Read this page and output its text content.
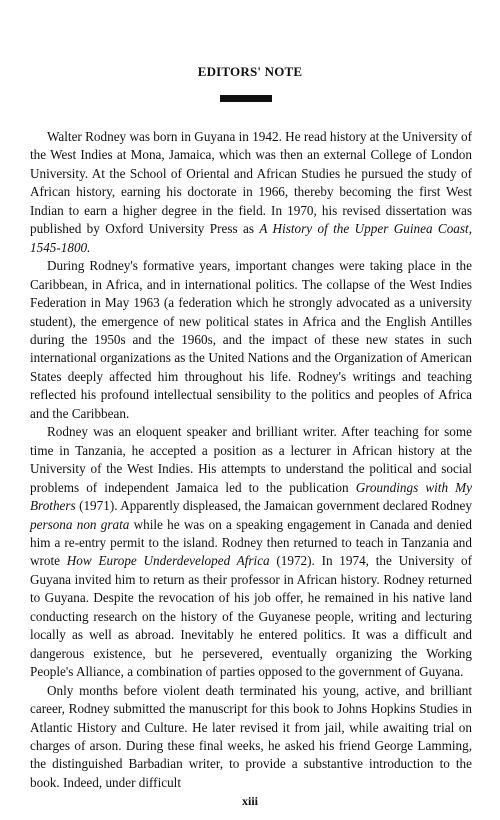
EDITORS' NOTE

Walter Rodney was born in Guyana in 1942. He read history at the University of the West Indies at Mona, Jamaica, which was then an external College of London University. At the School of Oriental and African Studies he pursued the study of African history, earning his doctorate in 1966, thereby becoming the first West Indian to earn a higher degree in the field. In 1970, his revised dissertation was published by Oxford University Press as A History of the Upper Guinea Coast, 1545-1800.

During Rodney's formative years, important changes were taking place in the Caribbean, in Africa, and in international politics. The collapse of the West Indies Federation in May 1963 (a federation which he strongly advocated as a university student), the emergence of new political states in Africa and the English Antilles during the 1950s and the 1960s, and the impact of these new states in such international organizations as the United Nations and the Organization of American States deeply affected him throughout his life. Rodney's writings and teaching reflected his profound intellectual sensibility to the politics and peoples of Africa and the Caribbean.

Rodney was an eloquent speaker and brilliant writer. After teaching for some time in Tanzania, he accepted a position as a lecturer in African history at the University of the West Indies. His attempts to understand the political and social problems of independent Jamaica led to the publication Groundings with My Brothers (1971). Apparently displeased, the Jamaican government declared Rodney persona non grata while he was on a speaking engagement in Canada and denied him a re-entry permit to the island. Rodney then returned to teach in Tanzania and wrote How Europe Underdeveloped Africa (1972). In 1974, the University of Guyana invited him to return as their professor in African history. Rodney returned to Guyana. Despite the revocation of his job offer, he remained in his native land conducting research on the history of the Guyanese people, writing and lecturing locally as well as abroad. Inevitably he entered politics. It was a difficult and dangerous existence, but he persevered, eventually organizing the Working People's Alliance, a combination of parties opposed to the government of Guyana.

Only months before violent death terminated his young, active, and brilliant career, Rodney submitted the manuscript for this book to Johns Hopkins Studies in Atlantic History and Culture. He later revised it from jail, while awaiting trial on charges of arson. During these final weeks, he asked his friend George Lamming, the distinguished Barbadian writer, to provide a substantive introduction to the book. Indeed, under difficult

xiii
